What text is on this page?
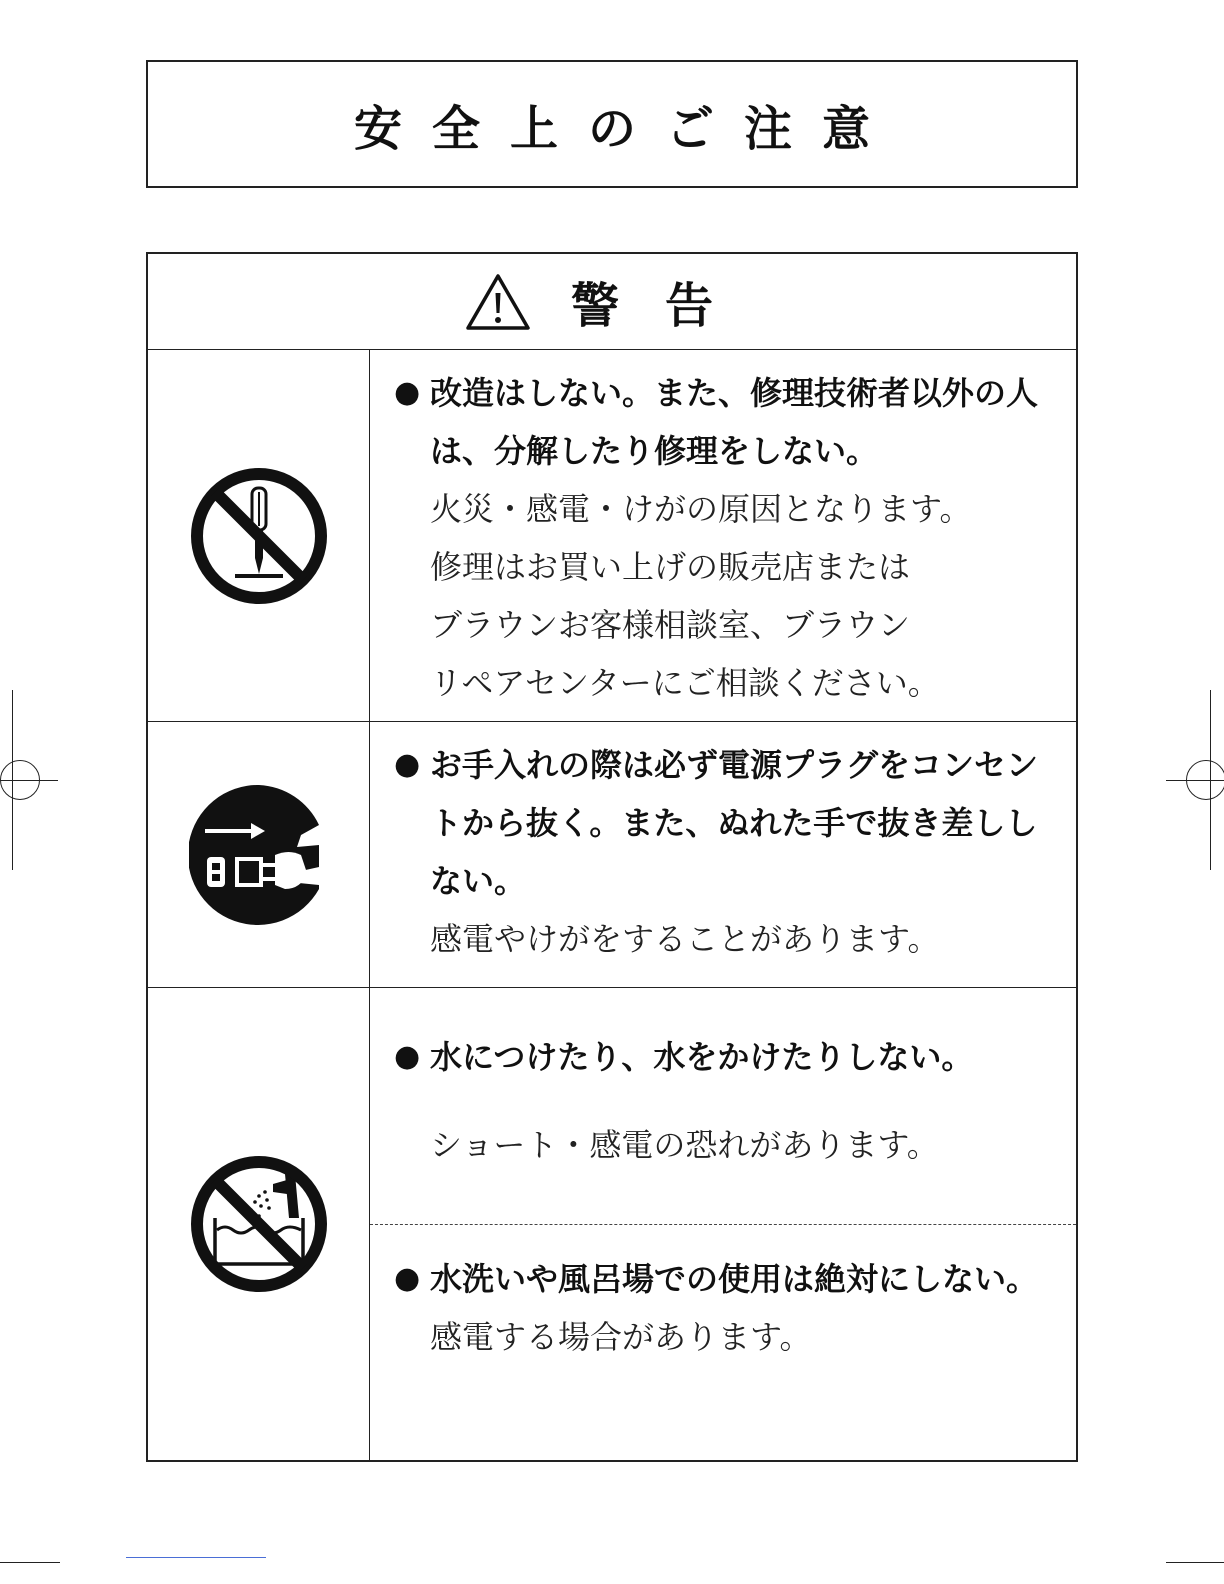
安全上のご注意
警告
● 改造はしない。また、修理技術者以外の人は、分解したり修理をしない。
火災・感電・けがの原因となります。
修理はお買い上げの販売店または
ブラウンお客様相談室、ブラウン
リペアセンターにご相談ください。
● お手入れの際は必ず電源プラグをコンセントから抜く。また、ぬれた手で抜き差ししない。
感電やけがをすることがあります。
● 水につけたり、水をかけたりしない。
ショート・感電の恐れがあります。
● 水洗いや風呂場での使用は絶対にしない。
感電する場合があります。
